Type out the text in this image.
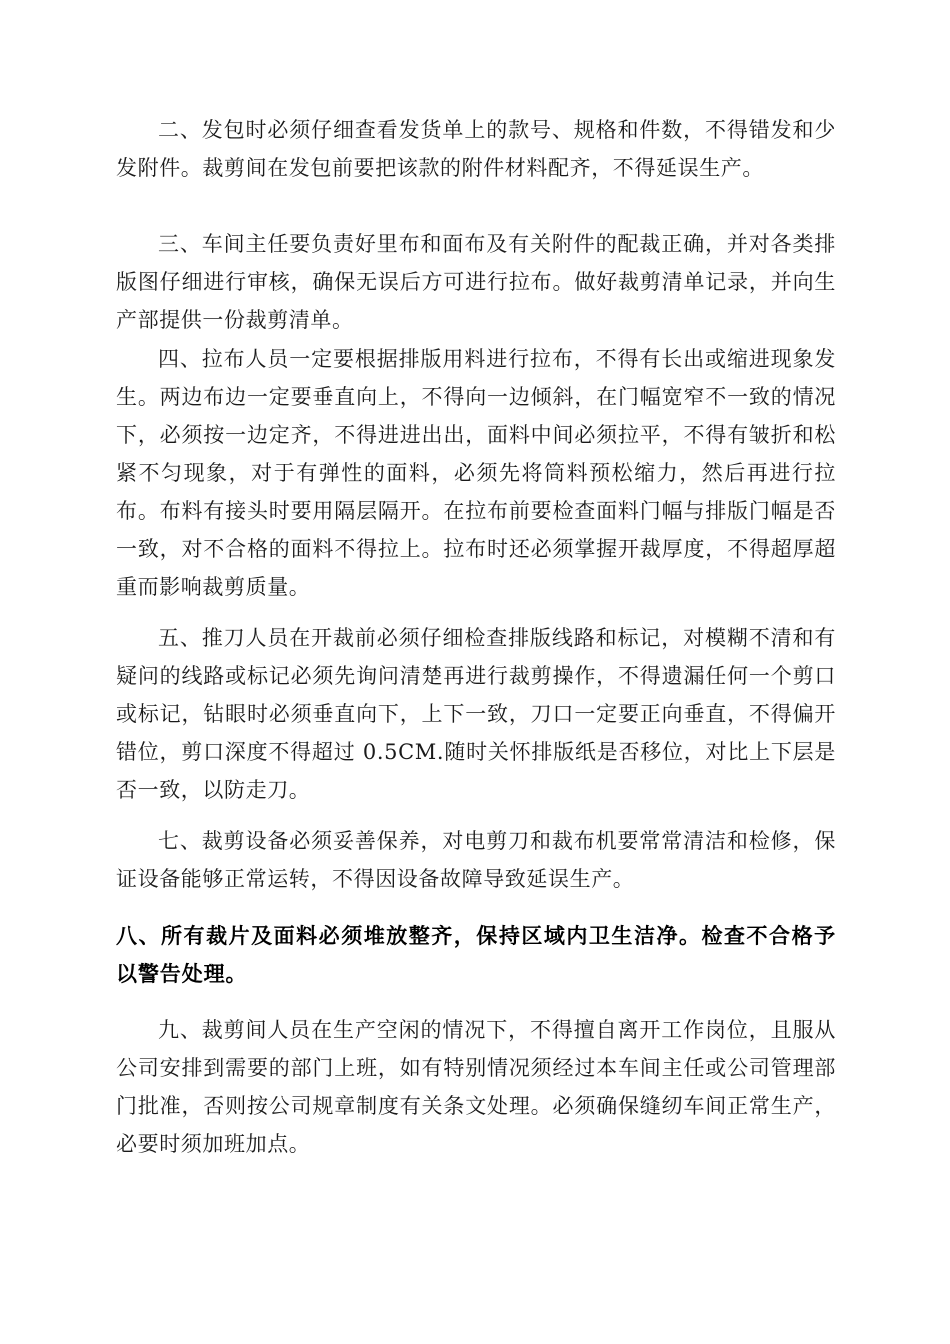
二、发包时必须仔细查看发货单上的款号、规格和件数，不得错发和少发附件。裁剪间在发包前要把该款的附件材料配齐，不得延误生产。

三、车间主任要负责好里布和面布及有关附件的配裁正确，并对各类排版图仔细进行审核，确保无误后方可进行拉布。做好裁剪清单记录，并向生产部提供一份裁剪清单。

四、拉布人员一定要根据排版用料进行拉布，不得有长出或缩进现象发生。两边布边一定要垂直向上，不得向一边倾斜，在门幅宽窄不一致的情况下，必须按一边定齐，不得进进出出，面料中间必须拉平，不得有皱折和松紧不匀现象，对于有弹性的面料，必须先将筒料预松缩力，然后再进行拉布。布料有接头时要用隔层隔开。在拉布前要检查面料门幅与排版门幅是否一致，对不合格的面料不得拉上。拉布时还必须掌握开裁厚度，不得超厚超重而影响裁剪质量。

五、推刀人员在开裁前必须仔细检查排版线路和标记，对模糊不清和有疑问的线路或标记必须先询问清楚再进行裁剪操作，不得遗漏任何一个剪口或标记，钻眼时必须垂直向下，上下一致，刀口一定要正向垂直，不得偏开错位，剪口深度不得超过 0.5CM.随时关怀排版纸是否移位，对比上下层是否一致，以防走刀。

七、裁剪设备必须妥善保养，对电剪刀和裁布机要常常清洁和检修，保证设备能够正常运转，不得因设备故障导致延误生产。

八、所有裁片及面料必须堆放整齐，保持区域内卫生洁净。检查不合格予以警告处理。

九、裁剪间人员在生产空闲的情况下，不得擅自离开工作岗位，且服从公司安排到需要的部门上班，如有特别情况须经过本车间主任或公司管理部门批准，否则按公司规章制度有关条文处理。必须确保缝纫车间正常生产，必要时须加班加点。
